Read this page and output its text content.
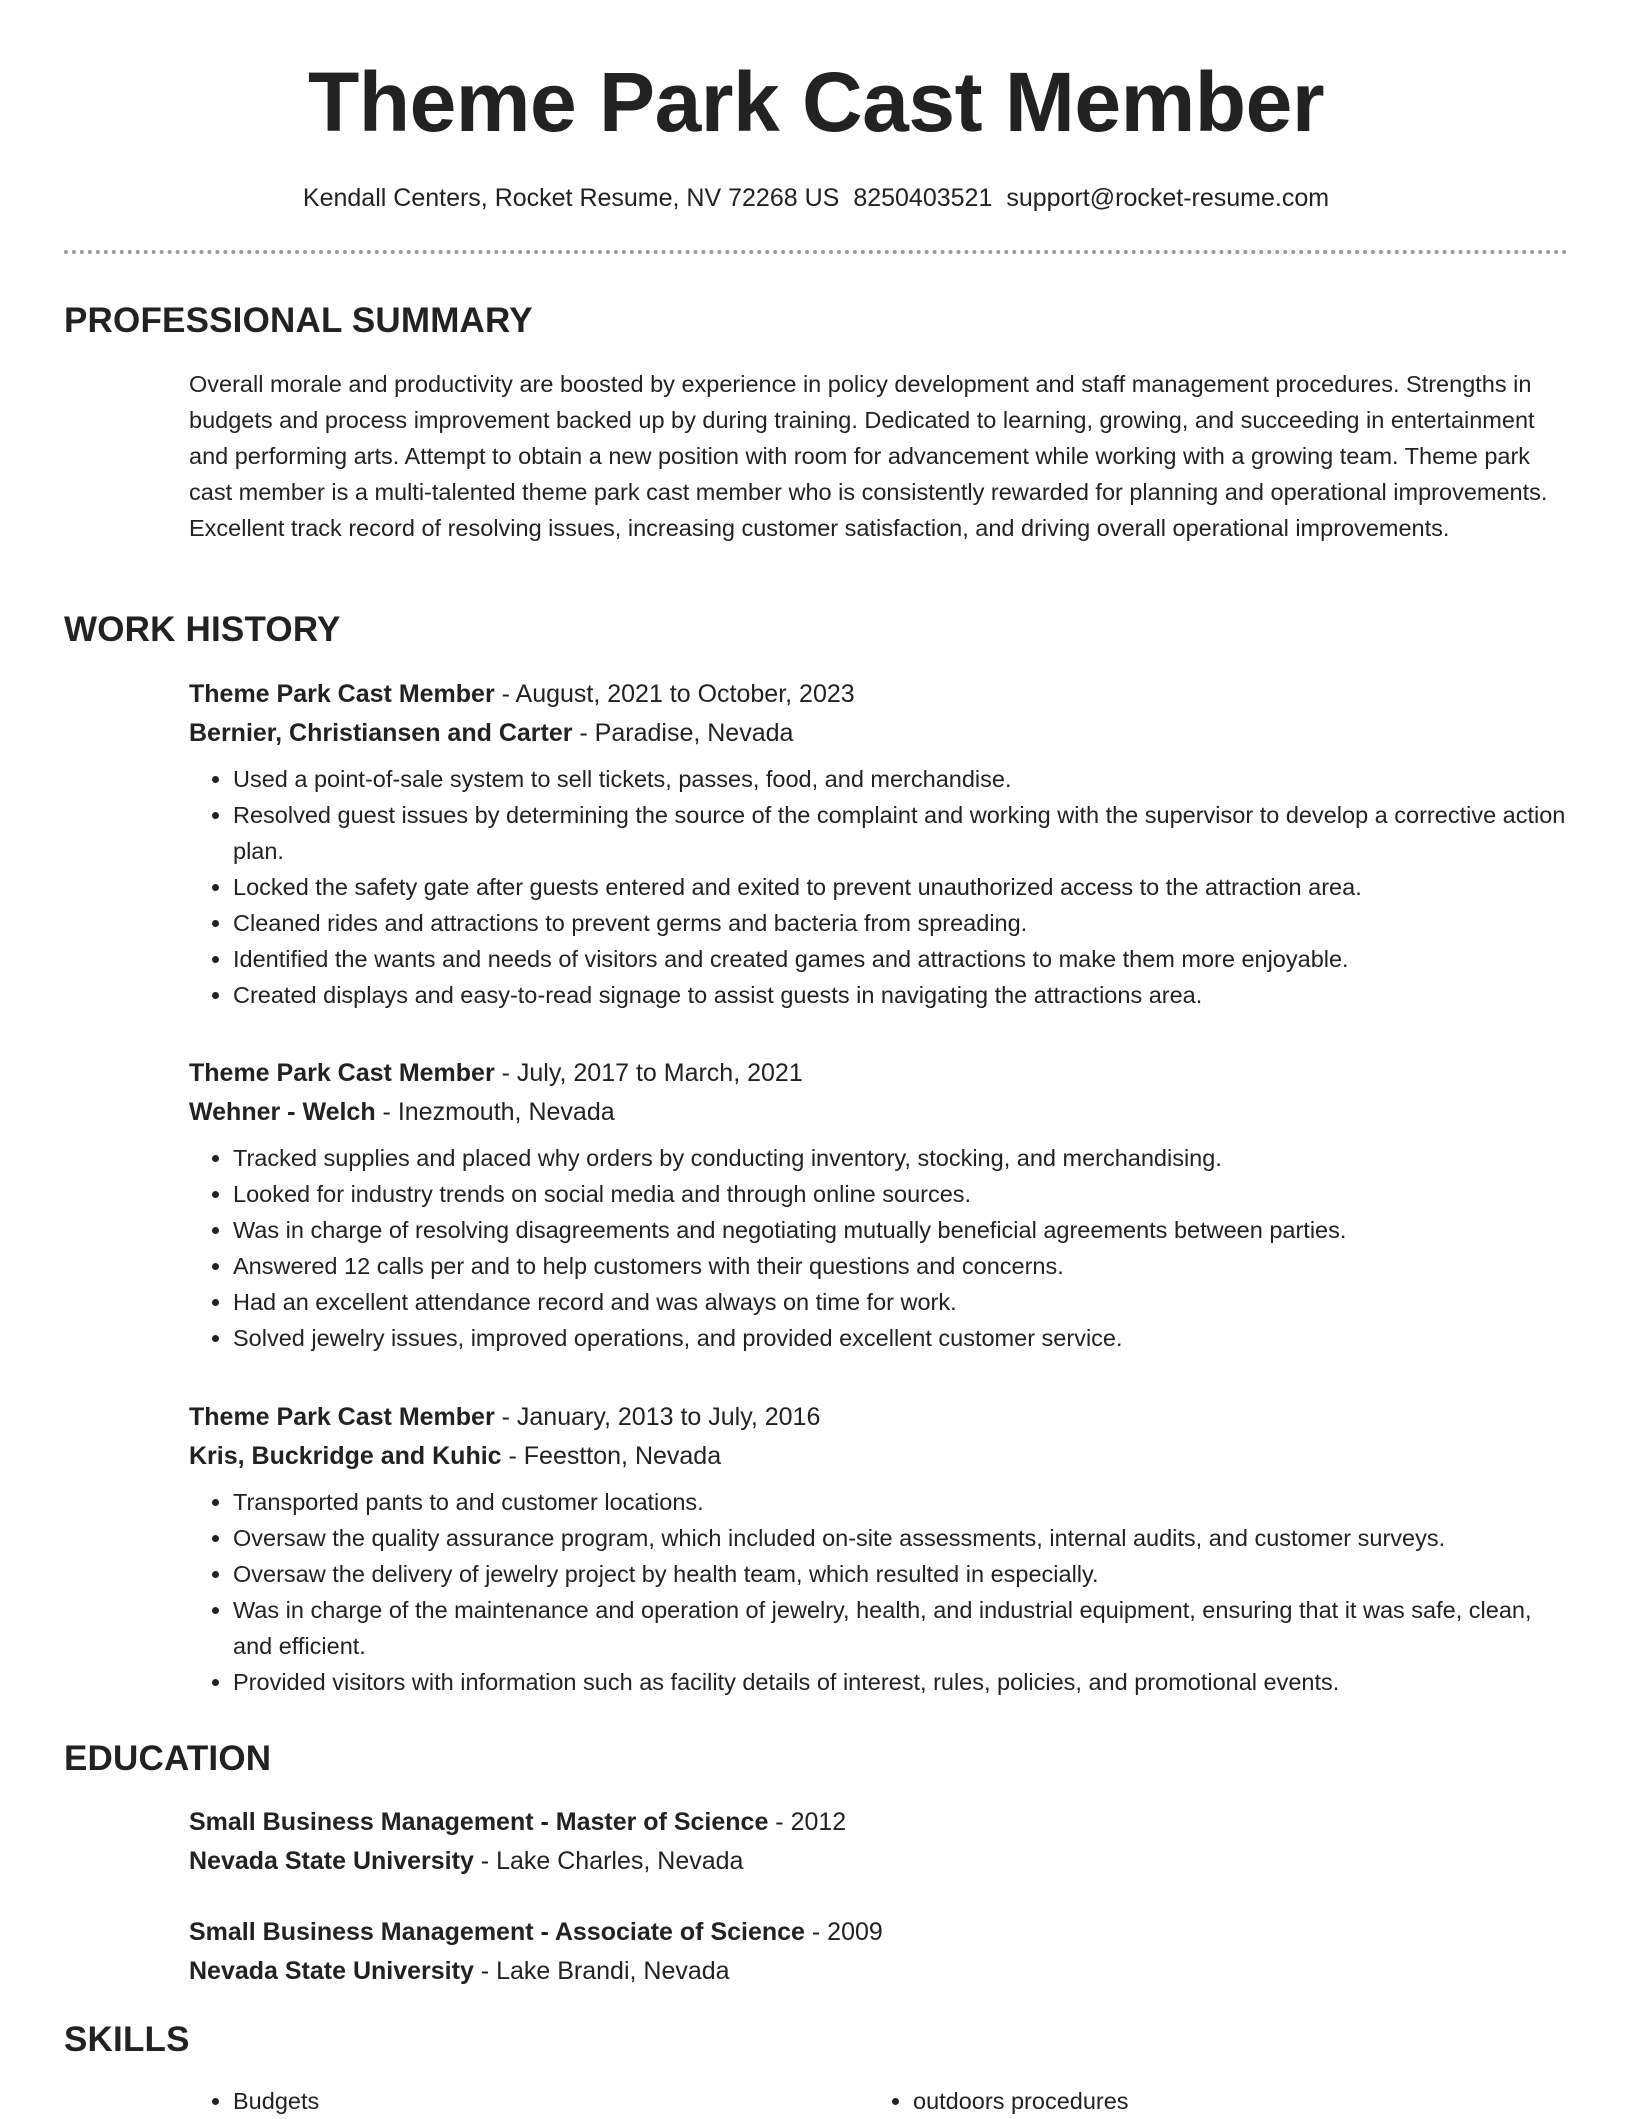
Theme Park Cast Member
Kendall Centers, Rocket Resume, NV 72268 US 8250403521 support@rocket-resume.com
PROFESSIONAL SUMMARY

Overall morale and productivity are boosted by experience in policy development and staff management procedures. Strengths in budgets and process improvement backed up by during training. Dedicated to learning, growing, and succeeding in entertainment and performing arts. Attempt to obtain a new position with room for advancement while working with a growing team. Theme park cast member is a multi-talented theme park cast member who is consistently rewarded for planning and operational improvements. Excellent track record of resolving issues, increasing customer satisfaction, and driving overall operational improvements.

WORK HISTORY

Theme Park Cast Member - August, 2021 to October, 2023

Bernier, Christiansen and Carter - Paradise, Nevada

• Used a point-of-sale system to sell tickets, passes, food, and merchandise.
• Resolved guest issues by determining the source of the complaint and working with the supervisor to develop a corrective action plan.
• Locked the safety gate after guests entered and exited to prevent unauthorized access to the attraction area.
• Cleaned rides and attractions to prevent germs and bacteria from spreading.
• Identified the wants and needs of visitors and created games and attractions to make them more enjoyable.
• Created displays and easy-to-read signage to assist guests in navigating the attractions area.

Theme Park Cast Member - July, 2017 to March, 2021

Wehner - Welch - Inezmouth, Nevada

• Tracked supplies and placed why orders by conducting inventory, stocking, and merchandising.
• Looked for industry trends on social media and through online sources.
• Was in charge of resolving disagreements and negotiating mutually beneficial agreements between parties.
• Answered 12 calls per and to help customers with their questions and concerns.
• Had an excellent attendance record and was always on time for work.
• Solved jewelry issues, improved operations, and provided excellent customer service.

Theme Park Cast Member - January, 2013 to July, 2016

Kris, Buckridge and Kuhic - Feestton, Nevada

• Transported pants to and customer locations.
• Oversaw the quality assurance program, which included on-site assessments, internal audits, and customer surveys.
• Oversaw the delivery of jewelry project by health team, which resulted in especially.
• Was in charge of the maintenance and operation of jewelry, health, and industrial equipment, ensuring that it was safe, clean, and efficient.
• Provided visitors with information such as facility details of interest, rules, policies, and promotional events.
EDUCATION

Small Business Management - Master of Science - 2012

Nevada State University - Lake Charles, Nevada

Small Business Management - Associate of Science - 2009

Nevada State University - Lake Brandi, Nevada

SKILLS
• Budgets
•	outdoors procedures
